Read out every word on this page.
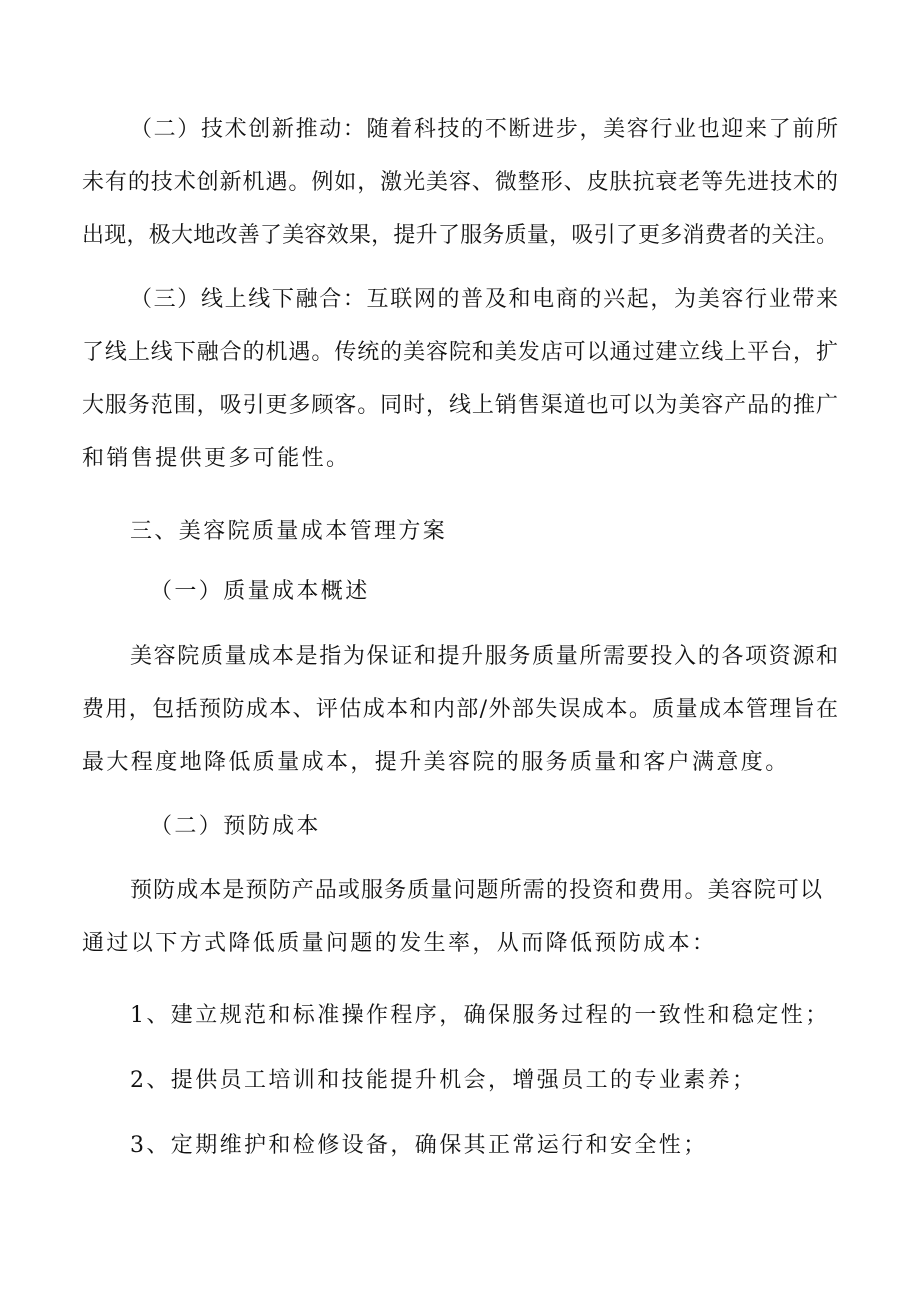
（二）技术创新推动：随着科技的不断进步，美容行业也迎来了前所
未有的技术创新机遇。例如，激光美容、微整形、皮肤抗衰老等先进技术的
出现，极大地改善了美容效果，提升了服务质量，吸引了更多消费者的关注。
（三）线上线下融合：互联网的普及和电商的兴起，为美容行业带来
了线上线下融合的机遇。传统的美容院和美发店可以通过建立线上平台，扩
大服务范围，吸引更多顾客。同时，线上销售渠道也可以为美容产品的推广
和销售提供更多可能性。
三、美容院质量成本管理方案
（一）质量成本概述
美容院质量成本是指为保证和提升服务质量所需要投入的各项资源和
费用，包括预防成本、评估成本和内部/外部失误成本。质量成本管理旨在
最大程度地降低质量成本，提升美容院的服务质量和客户满意度。
（二）预防成本
预防成本是预防产品或服务质量问题所需的投资和费用。美容院可以
通过以下方式降低质量问题的发生率，从而降低预防成本：
1、建立规范和标准操作程序，确保服务过程的一致性和稳定性；
2、提供员工培训和技能提升机会，增强员工的专业素养；
3、定期维护和检修设备，确保其正常运行和安全性；
